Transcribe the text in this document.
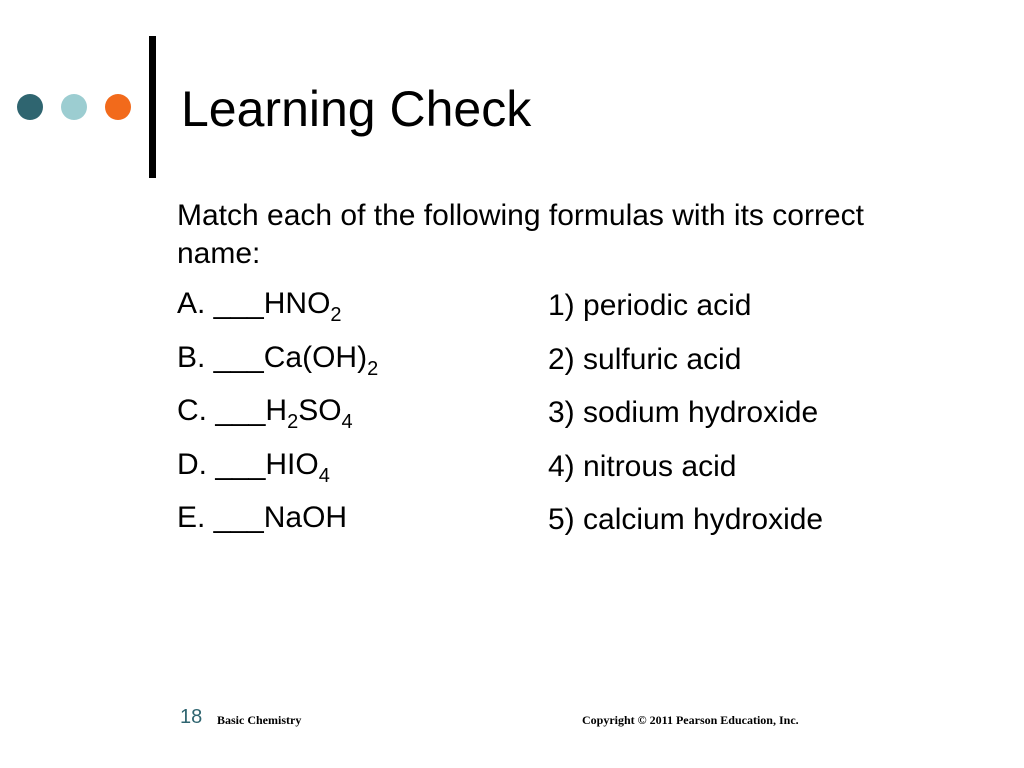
Learning Check
Match each of the following formulas with its correct name:
A. $\_\_\_HNO_2$
B. $\_\_\_Ca(OH)_2$
C. $\_\_\_H_2SO_4$
D. $\_\_\_HIO_4$
E. ___NaOH
1) periodic acid
2) sulfuric acid
3) sodium hydroxide
4) nitrous acid
5) calcium hydroxide
18 Basic Chemistry	Copyright © 2011 Pearson Education, Inc.
